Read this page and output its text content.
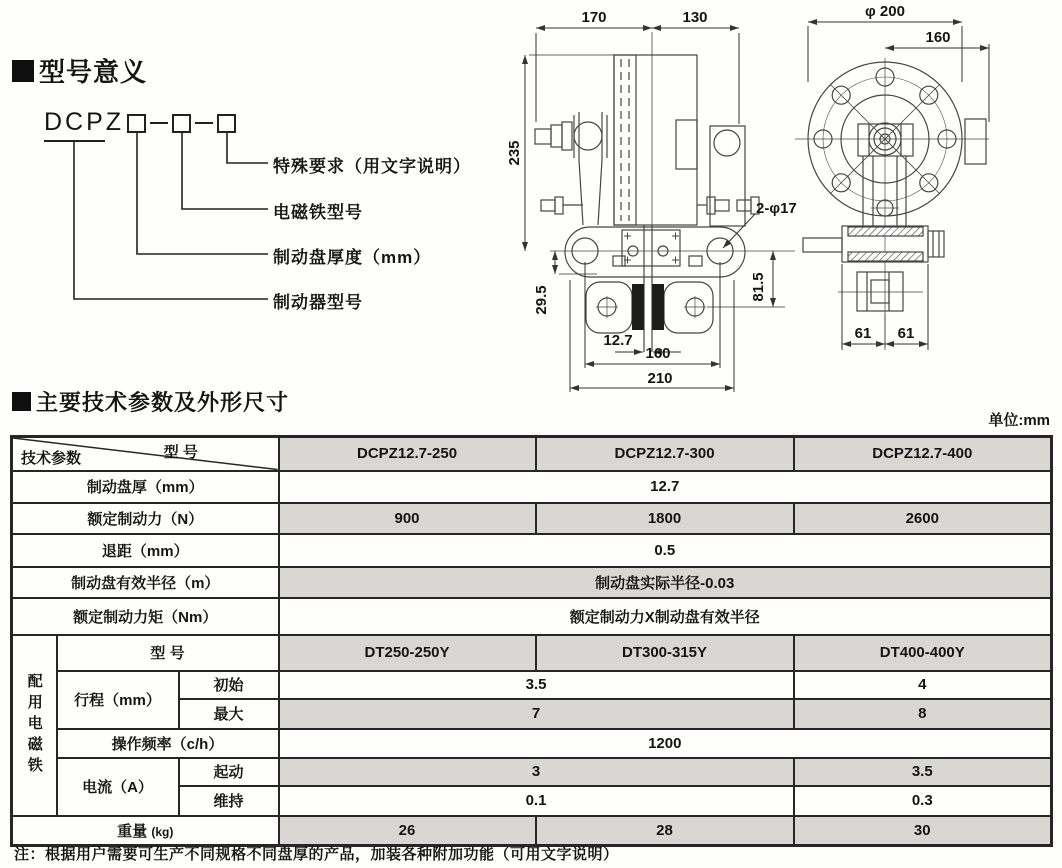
型号意义
DCPZ
特殊要求（用文字说明）
电磁铁型号
制动盘厚度（mm）
制动器型号
170	130
235
29.5	81.5
2-φ17
12.7
160
210
φ 200
160
61 61
主要技术参数及外形尺寸
单位:mm
型 号
技术参数			DCPZ12.7-250	DCPZ12.7-300	DCPZ12.7-400
制动盘厚（mm）			12.7		
额定制动力（N）			900	1800	2600
退距（mm）			0.5		
制动盘有效半径（m）			制动盘实际半径-0.03		
额定制动力矩（Nm）			额定制动力X制动盘有效半径		

配用电磁铁	型 号		DT250-250Y	DT300-315Y	DT400-400Y
	行程（mm）	初始	3.5		4
		最大	7		8
	操作频率（c/h）		1200		
	电流（A）	起动	3		3.5
		维持	0.1		0.3
重量 (kg)			26	28	30
注：根据用户需要可生产不同规格不同盘厚的产品，加装各种附加功能（可用文字说明）
